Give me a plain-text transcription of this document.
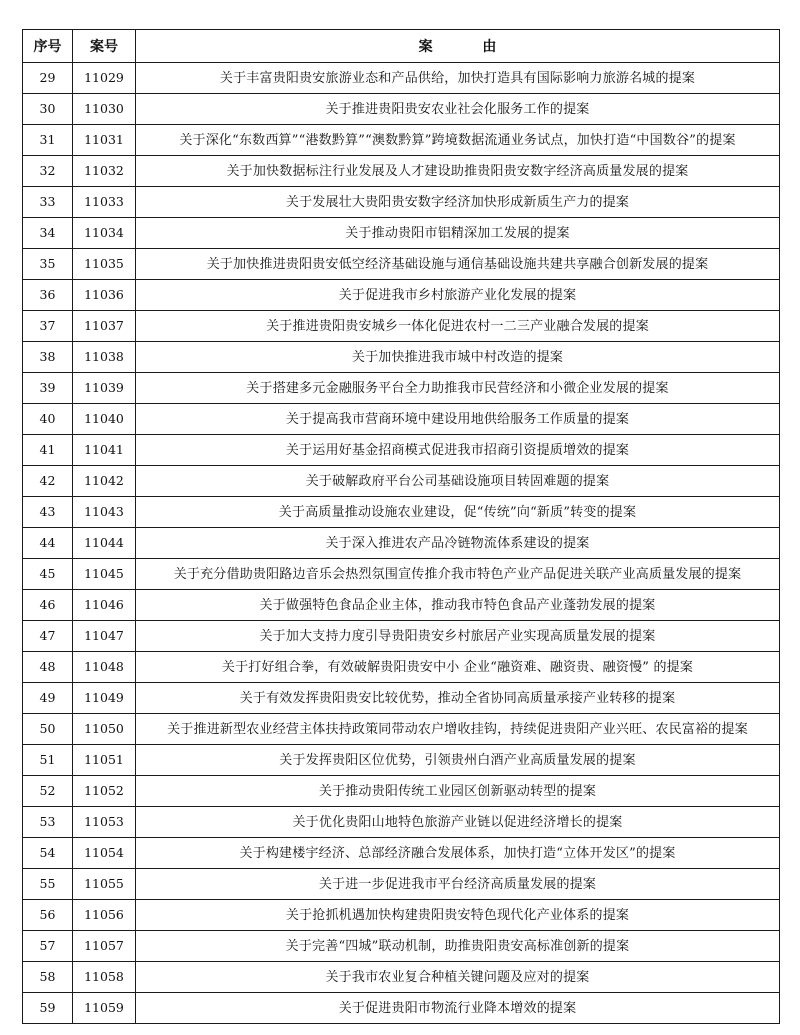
序号	案号	案 由
29	11029	关于丰富贵阳贵安旅游业态和产品供给，加快打造具有国际影响力旅游名城的提案

30	11030	关于推进贵阳贵安农业社会化服务工作的提案

31	11031	关于深化“东数西算”“港数黔算”“澳数黔算”跨境数据流通业务试点，加快打造“中国数谷”的提案

32	11032	关于加快数据标注行业发展及人才建设助推贵阳贵安数字经济高质量发展的提案

33	11033	关于发展壮大贵阳贵安数字经济加快形成新质生产力的提案

34	11034	关于推动贵阳市铝精深加工发展的提案

35	11035	关于加快推进贵阳贵安低空经济基础设施与通信基础设施共建共享融合创新发展的提案

36	11036	关于促进我市乡村旅游产业化发展的提案

37	11037	关于推进贵阳贵安城乡一体化促进农村一二三产业融合发展的提案

38	11038	关于加快推进我市城中村改造的提案

39	11039	关于搭建多元金融服务平台全力助推我市民营经济和小微企业发展的提案

40	11040	关于提高我市营商环境中建设用地供给服务工作质量的提案

41	11041	关于运用好基金招商模式促进我市招商引资提质增效的提案

42	11042	关于破解政府平台公司基础设施项目转固难题的提案

43	11043	关于高质量推动设施农业建设，促“传统”向“新质”转变的提案

44	11044	关于深入推进农产品冷链物流体系建设的提案

45	11045	关于充分借助贵阳路边音乐会热烈氛围宣传推介我市特色产业产品促进关联产业高质量发展的提案

46	11046	关于做强特色食品企业主体，推动我市特色食品产业蓬勃发展的提案

47	11047	关于加大支持力度引导贵阳贵安乡村旅居产业实现高质量发展的提案

48	11048	关于打好组合拳，有效破解贵阳贵安中小 企业“融资难、融资贵、融资慢” 的提案

49	11049	关于有效发挥贵阳贵安比较优势，推动全省协同高质量承接产业转移的提案

50	11050	关于推进新型农业经营主体扶持政策同带动农户增收挂钩，持续促进贵阳产业兴旺、农民富裕的提案

51	11051	关于发挥贵阳区位优势，引领贵州白酒产业高质量发展的提案

52	11052	关于推动贵阳传统工业园区创新驱动转型的提案

53	11053	关于优化贵阳山地特色旅游产业链以促进经济增长的提案

54	11054	关于构建楼宇经济、总部经济融合发展体系，加快打造“立体开发区”的提案

55	11055	关于进一步促进我市平台经济高质量发展的提案

56	11056	关于抢抓机遇加快构建贵阳贵安特色现代化产业体系的提案

57	11057	关于完善“四城”联动机制，助推贵阳贵安高标准创新的提案

58	11058	关于我市农业复合种植关键问题及应对的提案

59	11059	关于促进贵阳市物流行业降本增效的提案
